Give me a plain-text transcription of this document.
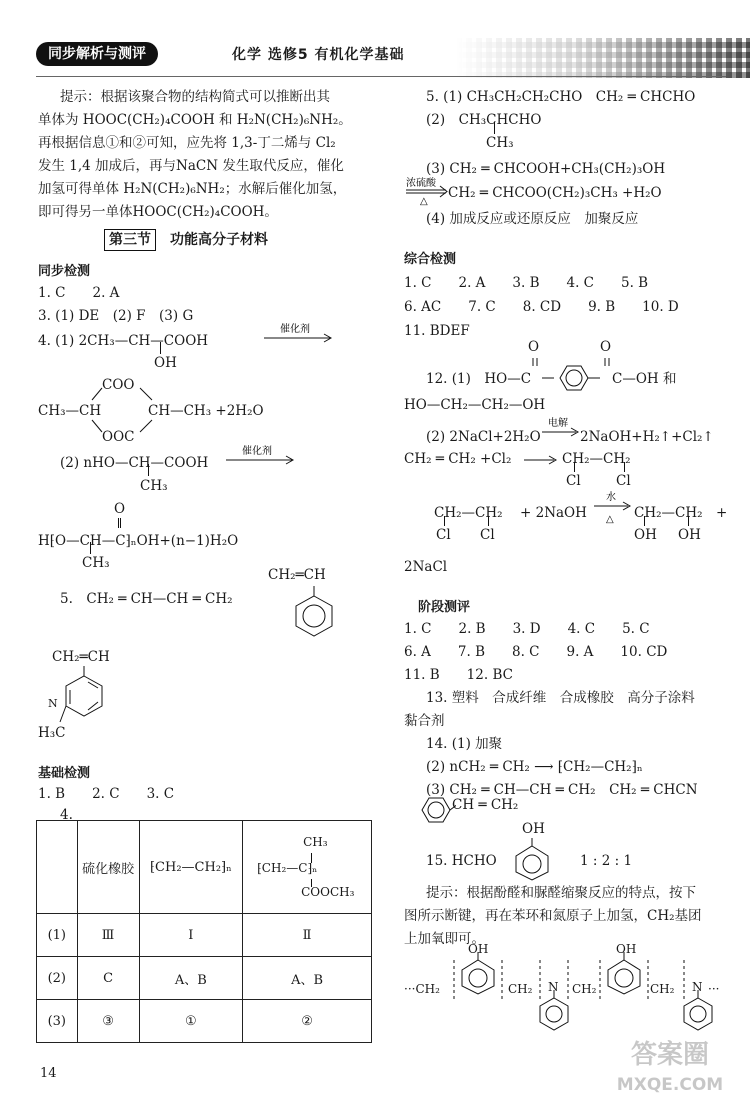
同步解析与测评	化学 选修5 有机化学基础
提示：根据该聚合物的结构简式可以推断出其
单体为 HOOC(CH₂)₄COOH 和 H₂N(CH₂)₆NH₂。
再根据信息①和②可知，应先将 1,3-丁二烯与 Cl₂
发生 1,4 加成后，再与NaCN 发生取代反应，催化
加氢可得单体 H₂N(CH₂)₆NH₂；水解后催化加氢，
即可得另一单体HOOC(CH₂)₄COOH。
第三节 功能高分子材料
同步检测
1. C　　2. A
3. (1) DE　(2) F　(3) G
4. (1) 2CH₃—CH—COOH
催化剂
OH
COO
CH₃—CH	CH—CH₃ +2H₂O
OOC
(2) nHO—CH—COOH
催化剂
CH₃
O
H⁅O—CH—C⁆ₙOH+(n−1)H₂O
CH₃
5.　CH₂ ═ CH—CH ═ CH₂
CH₂═CH
CH₂═CH
N
H₃C
基础检测
1. B　　2. C　　3. C
4.
	硫化橡胶	⁅CH₂—CH₂⁆ₙ	CH₃
⁅CH₂—C⁆ₙ
COOCH₃

(1)	Ⅲ	Ⅰ	Ⅱ
(2)	C	A、B	A、B
(3)	③	①	②
5. (1) CH₃CH₂CH₂CHO　CH₂ ═ CHCHO
(2)　CH₃CHCHO
CH₃
(3) CH₂ ═ CHCOOH+CH₃(CH₂)₃OH
浓硫酸
△
CH₂ ═ CHCOO(CH₂)₃CH₃ +H₂O
(4) 加成反应或还原反应　加聚反应
综合检测
1. C　　2. A　　3. B　　4. C　　5. B
6. AC　　7. C　　8. CD　　9. B　　10. D
11. BDEF
12. (1)　HO—C
O	O
C—OH 和
HO—CH₂—CH₂—OH
(2) 2NaCl+2H₂O
电解
2NaOH+H₂↑+Cl₂↑
CH₂ ═ CH₂ +Cl₂ → CH₂—CH₂
Cl	Cl
CH₂—CH₂
Cl Cl
+ 2NaOH
水
△ CH₂—CH₂
OH OH
+
2NaCl
阶段测评
1. C　　2. B　　3. D　　4. C　　5. C
6. A　　7. B　　8. C　　9. A　　10. CD
11. B　　12. BC
13. 塑料　合成纤维　合成橡胶　高分子涂料
黏合剂
14. (1) 加聚
(2) nCH₂ ═ CH₂ ⟶ ⁅CH₂—CH₂⁆ₙ
(3) CH₂ ═ CH—CH ═ CH₂　CH₂ ═ CHCN
CH ═ CH₂
OH
15. HCHO	1 : 2 : 1
提示：根据酚醛和脲醛缩聚反应的特点，按下
图所示断键，再在苯环和氮原子上加氢，CH₂基团
上加氧即可。
···CH₂
OH
CH₂ N CH₂
OH
CH₂ N ···
14
答案圈
MXQE.COM
